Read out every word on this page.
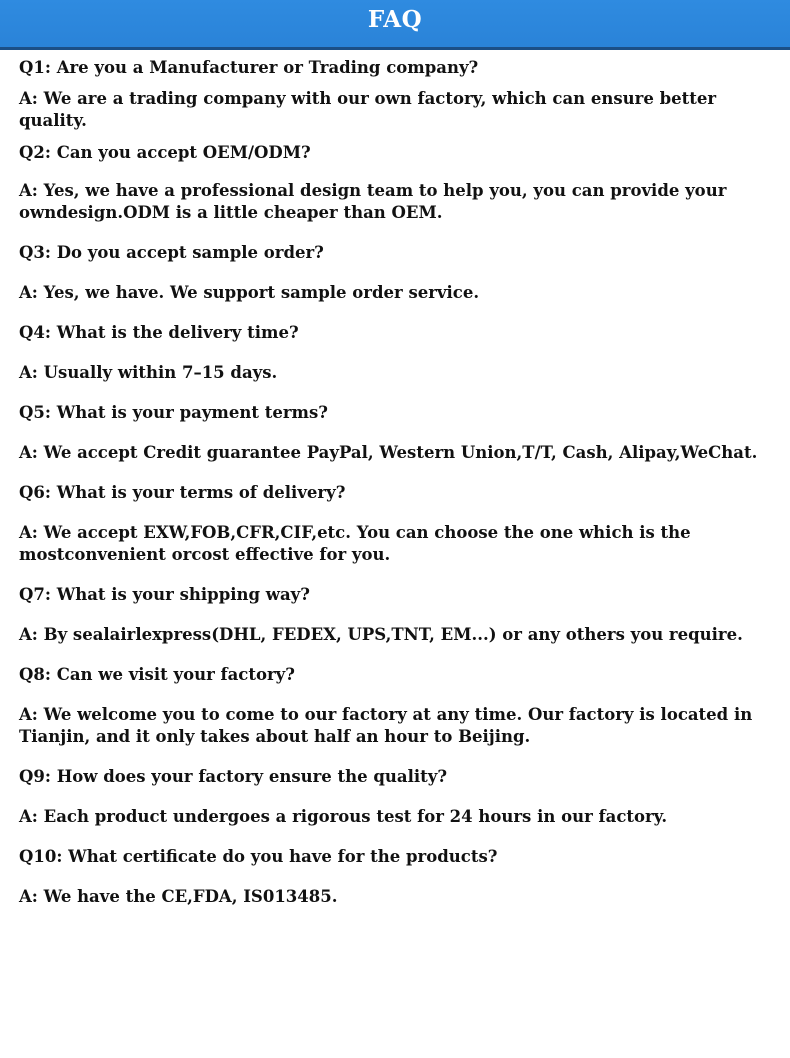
FAQ
Q1: Are you a Manufacturer or Trading company?
A: We are a trading company with our own factory, which can ensure better quality.
Q2: Can you accept OEM/ODM?
A: Yes, we have a professional design team to help you, you can provide your owndesign.ODM is a little cheaper than OEM.
Q3: Do you accept sample order?
A: Yes, we have. We support sample order service.
Q4: What is the delivery time?
A: Usually within 7–15 days.
Q5: What is your payment terms?
A: We accept Credit guarantee PayPal, Western Union,T/T, Cash, Alipay,WeChat.
Q6: What is your terms of delivery?
A: We accept EXW,FOB,CFR,CIF,etc. You can choose the one which is the mostconvenient orcost effective for you.
Q7: What is your shipping way?
A: By sealairlexpress(DHL, FEDEX, UPS,TNT, EM...) or any others you require.
Q8: Can we visit your factory?
A: We welcome you to come to our factory at any time. Our factory is located in Tianjin, and it only takes about half an hour to Beijing.
Q9: How does your factory ensure the quality?
A: Each product undergoes a rigorous test for 24 hours in our factory.
Q10: What certificate do you have for the products?
A: We have the CE,FDA, IS013485.
